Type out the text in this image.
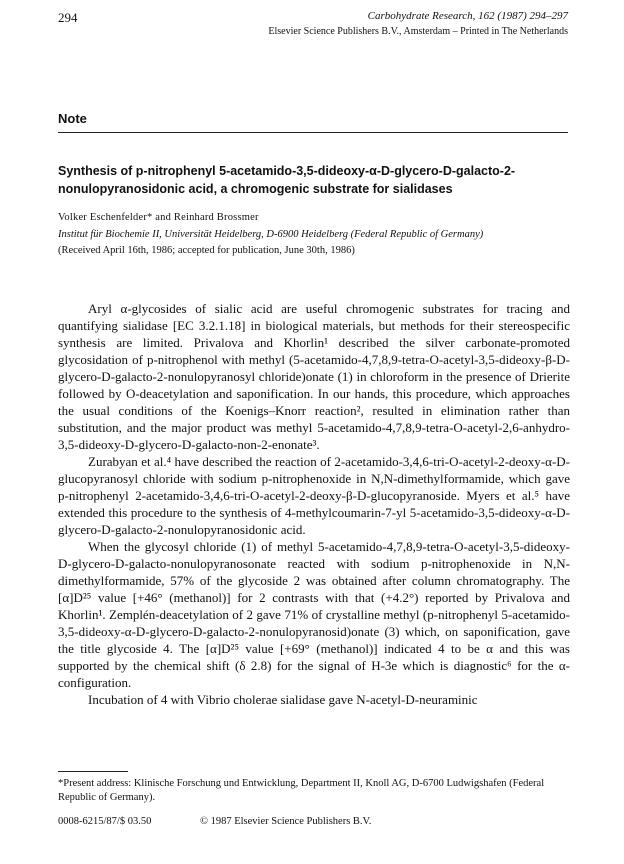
294	Carbohydrate Research, 162 (1987) 294–297
Elsevier Science Publishers B.V., Amsterdam – Printed in The Netherlands
Note
Synthesis of p-nitrophenyl 5-acetamido-3,5-dideoxy-α-D-glycero-D-galacto-2-nonulopyranosidonic acid, a chromogenic substrate for sialidases
Volker Eschenfelder* and Reinhard Brossmer
Institut für Biochemie II, Universität Heidelberg, D-6900 Heidelberg (Federal Republic of Germany)
(Received April 16th, 1986; accepted for publication, June 30th, 1986)

Aryl α-glycosides of sialic acid are useful chromogenic substrates for tracing and quantifying sialidase [EC 3.2.1.18] in biological materials, but methods for their stereospecific synthesis are limited. Privalova and Khorlin¹ described the silver carbonate-promoted glycosidation of p-nitrophenol with methyl (5-acetamido-4,7,8,9-tetra-O-acetyl-3,5-dideoxy-β-D-glycero-D-galacto-2-nonulopyranosyl chloride)onate (1) in chloroform in the presence of Drierite followed by O-deacetylation and saponification. In our hands, this procedure, which approaches the usual conditions of the Koenigs–Knorr reaction², resulted in elimination rather than substitution, and the major product was methyl 5-acetamido-4,7,8,9-tetra-O-acetyl-2,6-anhydro-3,5-dideoxy-D-glycero-D-galacto-non-2-enonate³.

Zurabyan et al.⁴ have described the reaction of 2-acetamido-3,4,6-tri-O-acetyl-2-deoxy-α-D-glucopyranosyl chloride with sodium p-nitrophenoxide in N,N-dimethylformamide, which gave p-nitrophenyl 2-acetamido-3,4,6-tri-O-acetyl-2-deoxy-β-D-glucopyranoside. Myers et al.⁵ have extended this procedure to the synthesis of 4-methylcoumarin-7-yl 5-acetamido-3,5-dideoxy-α-D-glycero-D-galacto-2-nonulopyranosidonic acid.

When the glycosyl chloride (1) of methyl 5-acetamido-4,7,8,9-tetra-O-acetyl-3,5-dideoxy-D-glycero-D-galacto-nonulopyranosonate reacted with sodium p-nitrophenoxide in N,N-dimethylformamide, 57% of the glycoside 2 was obtained after column chromatography. The [α]D²⁵ value [+46° (methanol)] for 2 contrasts with that (+4.2°) reported by Privalova and Khorlin¹. Zemplén-deacetylation of 2 gave 71% of crystalline methyl (p-nitrophenyl 5-acetamido-3,5-dideoxy-α-D-glycero-D-galacto-2-nonulopyranosid)onate (3) which, on saponification, gave the title glycoside 4. The [α]D²⁵ value [+69° (methanol)] indicated 4 to be α and this was supported by the chemical shift (δ 2.8) for the signal of H-3e which is diagnostic⁶ for the α-configuration.

Incubation of 4 with Vibrio cholerae sialidase gave N-acetyl-D-neuraminic

*Present address: Klinische Forschung und Entwicklung, Department II, Knoll AG, D-6700 Ludwigshafen (Federal Republic of Germany).
0008-6215/87/$ 03.50	© 1987 Elsevier Science Publishers B.V.
